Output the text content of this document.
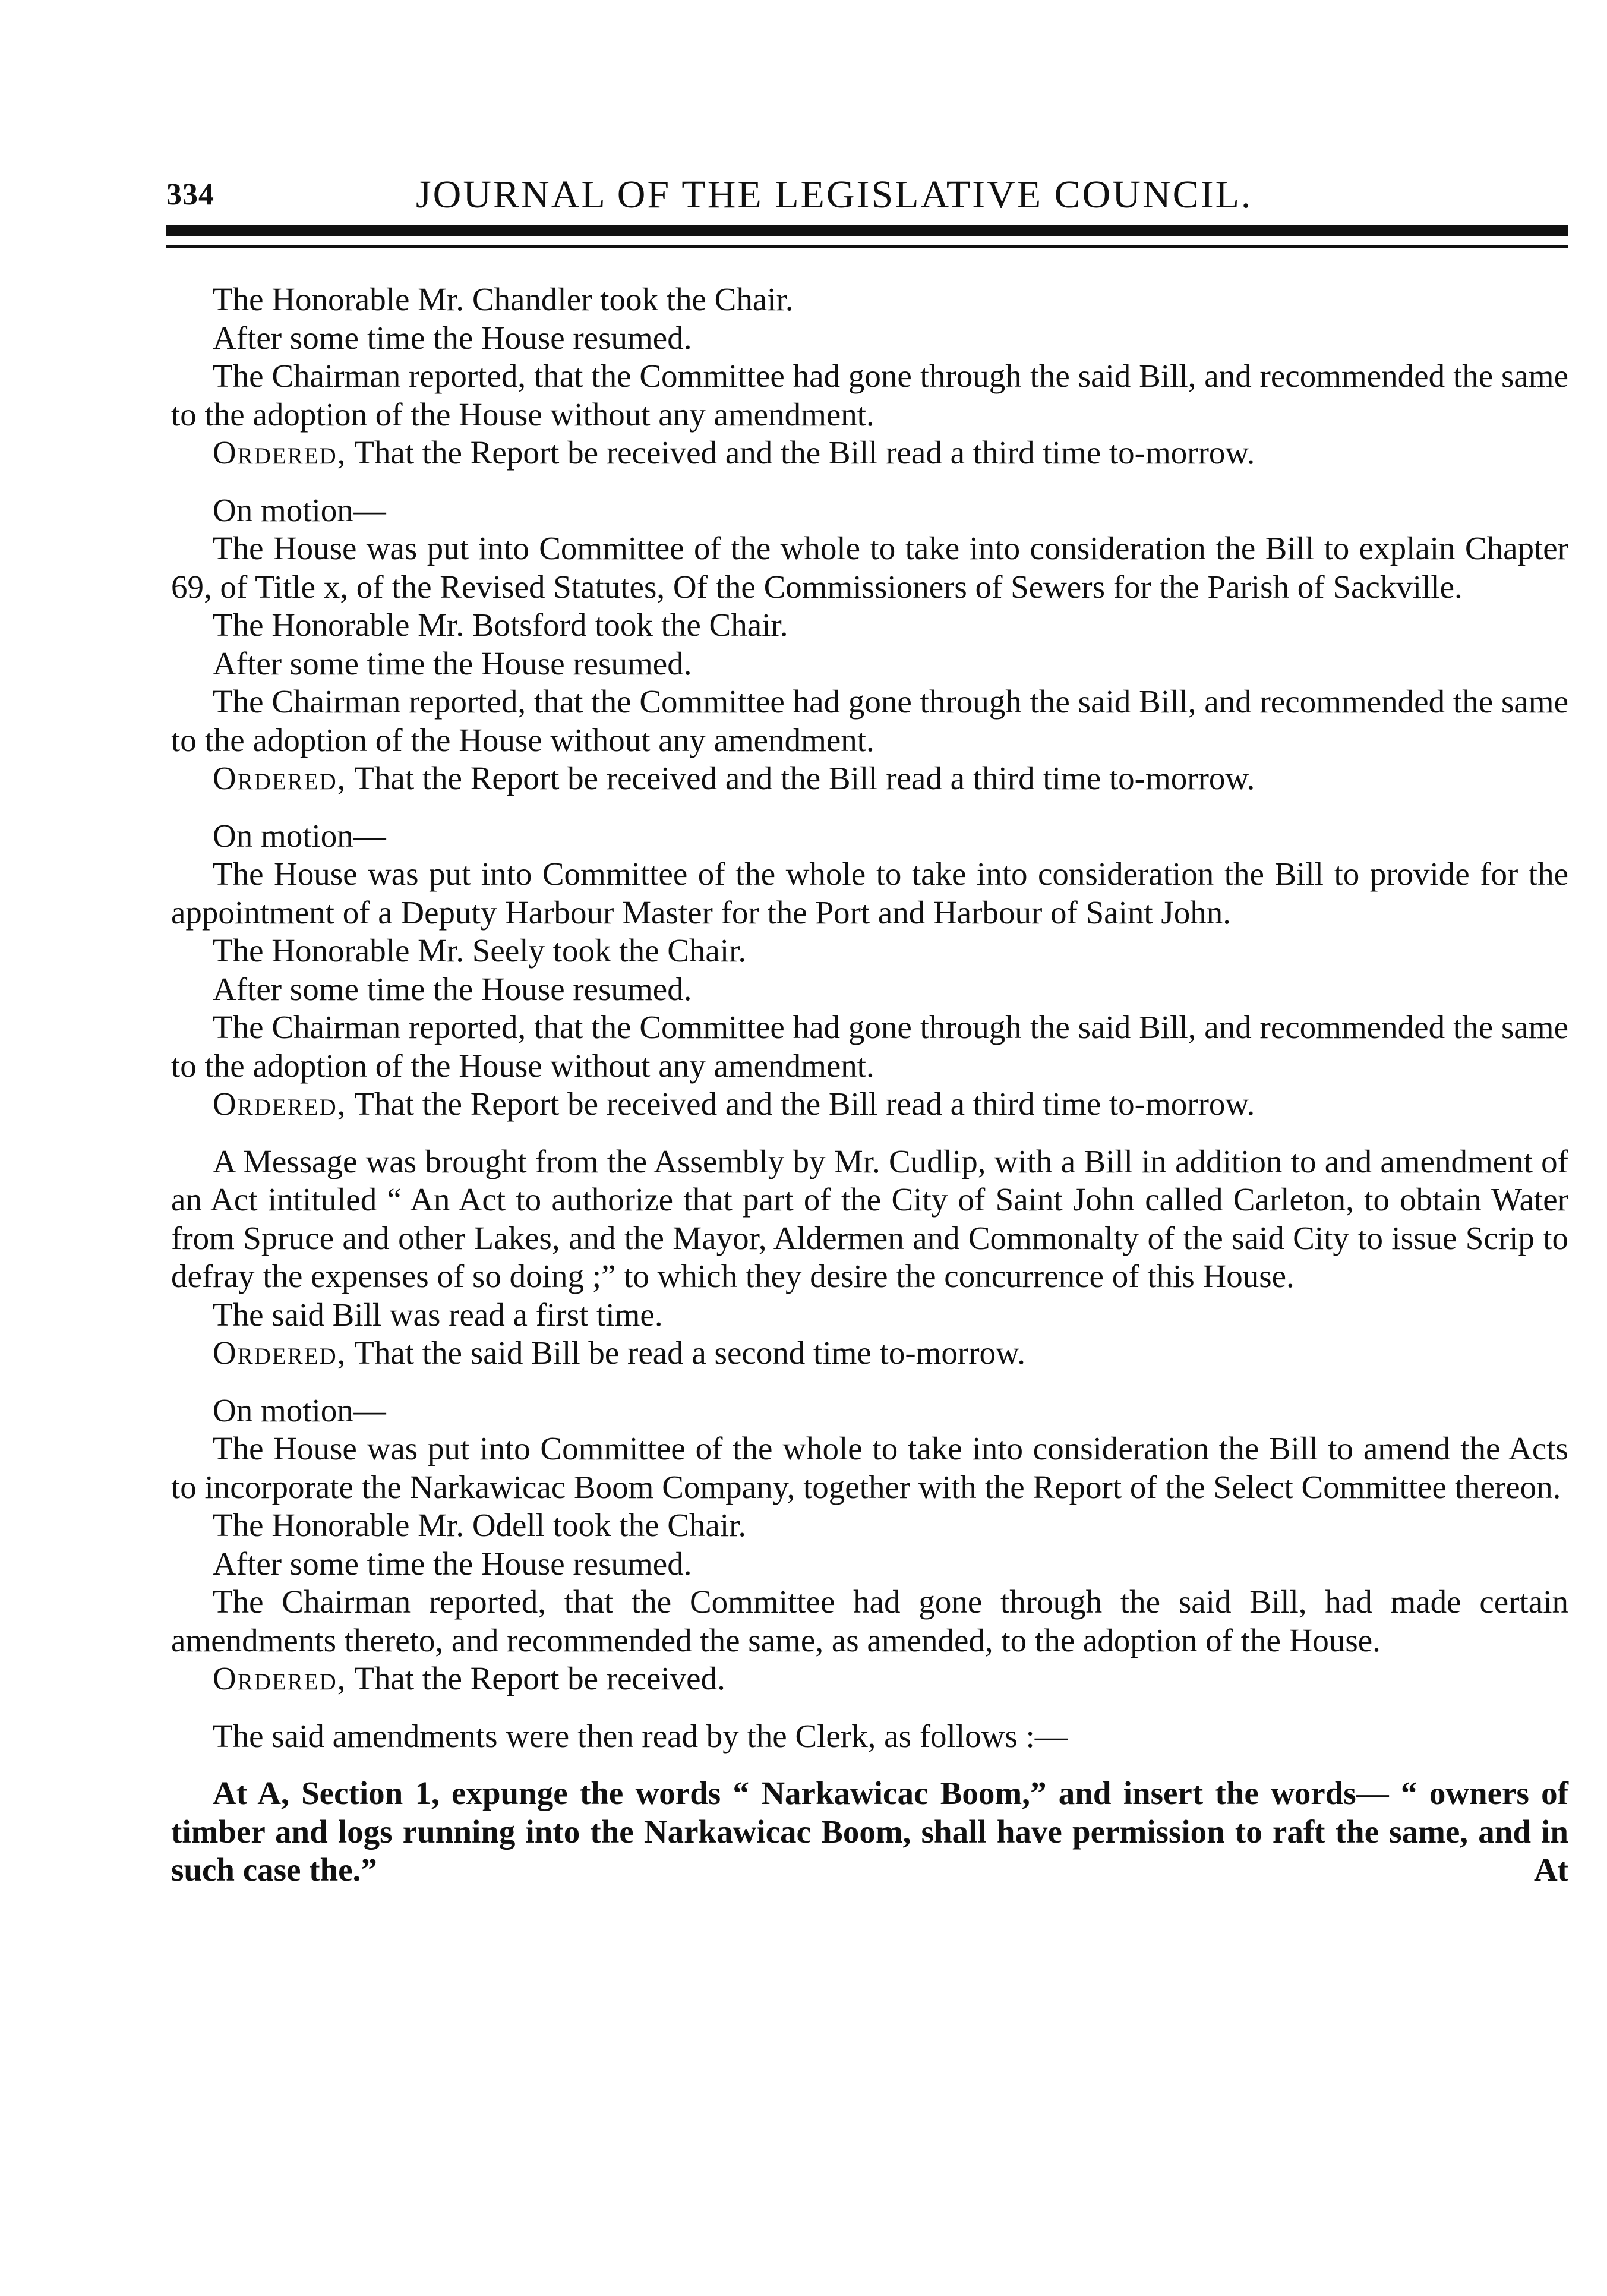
334	JOURNAL OF THE LEGISLATIVE COUNCIL.

The Honorable Mr. Chandler took the Chair.

After some time the House resumed.

The Chairman reported, that the Committee had gone through the said Bill, and recommended the same to the adoption of the House without any amendment.

Ordered, That the Report be received and the Bill read a third time to-morrow.

On motion—

The House was put into Committee of the whole to take into consideration the Bill to explain Chapter 69, of Title x, of the Revised Statutes, Of the Commissioners of Sewers for the Parish of Sackville.

The Honorable Mr. Botsford took the Chair.

After some time the House resumed.

The Chairman reported, that the Committee had gone through the said Bill, and recommended the same to the adoption of the House without any amendment.

Ordered, That the Report be received and the Bill read a third time to-morrow.

On motion—

The House was put into Committee of the whole to take into consideration the Bill to provide for the appointment of a Deputy Harbour Master for the Port and Harbour of Saint John.

The Honorable Mr. Seely took the Chair.

After some time the House resumed.

The Chairman reported, that the Committee had gone through the said Bill, and recommended the same to the adoption of the House without any amendment.

Ordered, That the Report be received and the Bill read a third time to-morrow.

A Message was brought from the Assembly by Mr. Cudlip, with a Bill in addition to and amendment of an Act intituled “ An Act to authorize that part of the City of Saint John called Carleton, to obtain Water from Spruce and other Lakes, and the Mayor, Aldermen and Commonalty of the said City to issue Scrip to defray the expenses of so doing ;” to which they desire the concurrence of this House.

The said Bill was read a first time.

Ordered, That the said Bill be read a second time to-morrow.

On motion—

The House was put into Committee of the whole to take into consideration the Bill to amend the Acts to incorporate the Narkawicac Boom Company, together with the Report of the Select Committee thereon.

The Honorable Mr. Odell took the Chair.

After some time the House resumed.

The Chairman reported, that the Committee had gone through the said Bill, had made certain amendments thereto, and recommended the same, as amended, to the adoption of the House.

Ordered, That the Report be received.

The said amendments were then read by the Clerk, as follows :—

At A, Section 1, expunge the words “ Narkawicac Boom,” and insert the words— “ owners of timber and logs running into the Narkawicac Boom, shall have permission to raft the same, and in such case the.”	At
